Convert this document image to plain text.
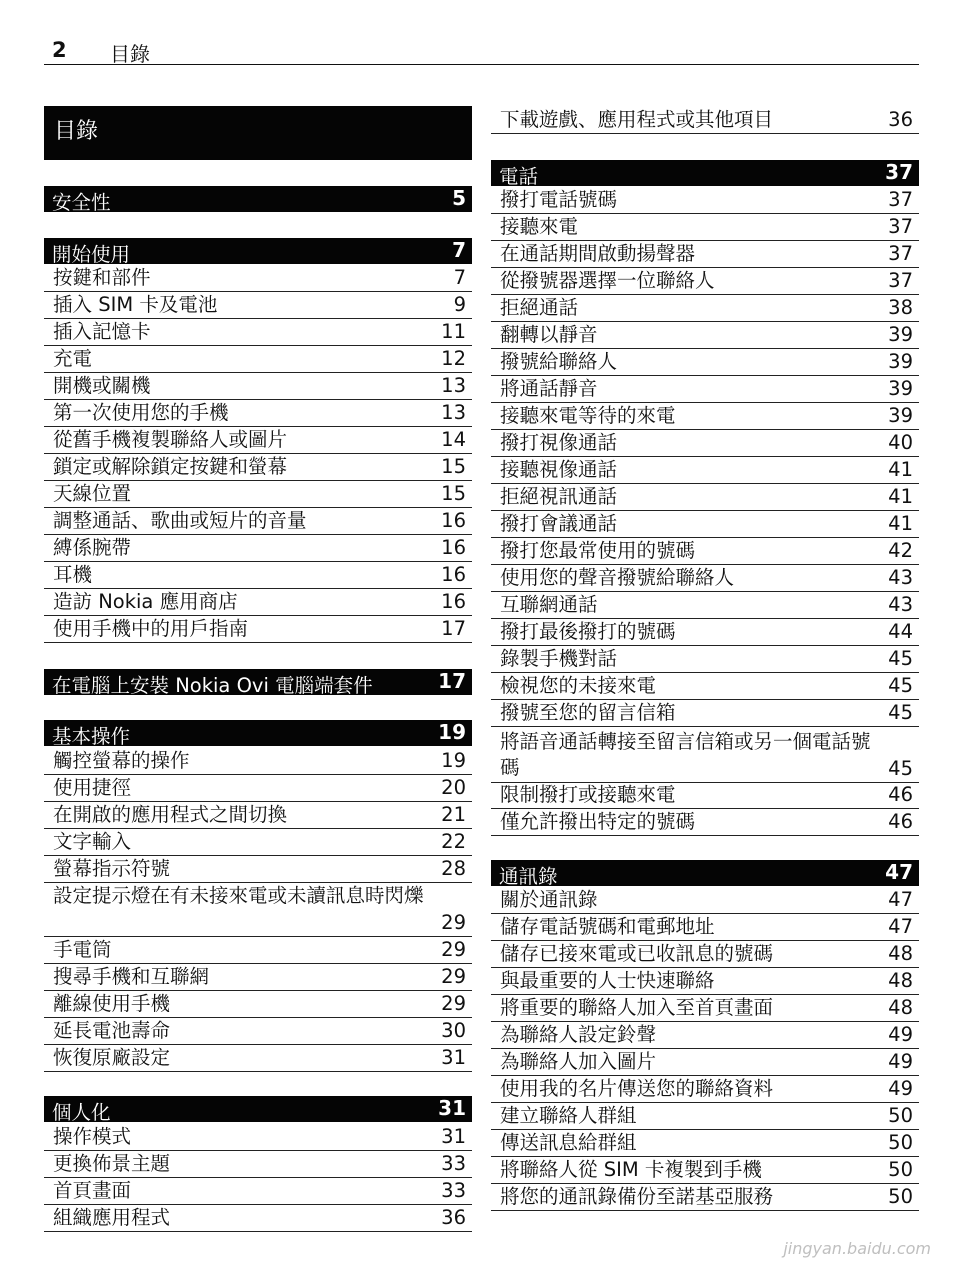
2 目錄
目錄
安全性	5
開始使用	7
按鍵和部件	7
插入 SIM 卡及電池	9
插入記憶卡	11
充電	12
開機或關機	13
第一次使用您的手機	13
從舊手機複製聯絡人或圖片	14
鎖定或解除鎖定按鍵和螢幕	15
天線位置	15
調整通話、歌曲或短片的音量	16
縛係腕帶	16
耳機	16
造訪 Nokia 應用商店	16
使用手機中的用戶指南	17
在電腦上安裝 Nokia Ovi 電腦端套件	17
基本操作	19
觸控螢幕的操作	19
使用捷徑	20
在開啟的應用程式之間切換	21
文字輸入	22
螢幕指示符號	28
設定提示燈在有未接來電或未讀訊息時閃爍
29
手電筒	29
搜尋手機和互聯網	29
離線使用手機	29
延長電池壽命	30
恢復原廠設定	31
個人化	31
操作模式	31
更換佈景主題	33
首頁畫面	33
組織應用程式	36
下載遊戲、應用程式或其他項目	36
電話	37
撥打電話號碼	37
接聽來電	37
在通話期間啟動揚聲器	37
從撥號器選擇一位聯絡人	37
拒絕通話	38
翻轉以靜音	39
撥號給聯絡人	39
將通話靜音	39
接聽來電等待的來電	39
撥打視像通話	40
接聽視像通話	41
拒絕視訊通話	41
撥打會議通話	41
撥打您最常使用的號碼	42
使用您的聲音撥號給聯絡人	43
互聯網通話	43
撥打最後撥打的號碼	44
錄製手機對話	45
檢視您的未接來電	45
撥號至您的留言信箱	45
將語音通話轉接至留言信箱或另一個電話號碼	45
限制撥打或接聽來電	46
僅允許撥出特定的號碼	46
通訊錄	47
關於通訊錄	47
儲存電話號碼和電郵地址	47
儲存已接來電或已收訊息的號碼	48
與最重要的人士快速聯絡	48
將重要的聯絡人加入至首頁畫面	48
為聯絡人設定鈴聲	49
為聯絡人加入圖片	49
使用我的名片傳送您的聯絡資料	49
建立聯絡人群組	50
傳送訊息給群組	50
將聯絡人從 SIM 卡複製到手機	50
將您的通訊錄備份至諾基亞服務	50
jingyan.baidu.com
